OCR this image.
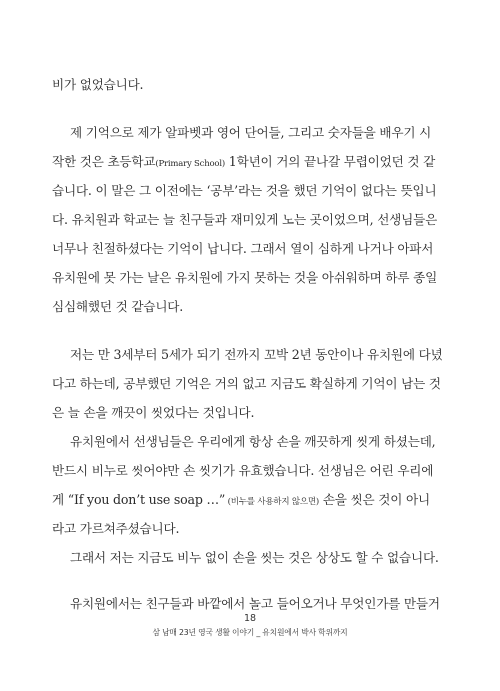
비가 없었습니다.
제 기억으로 제가 알파벳과 영어 단어들, 그리고 숫자들을 배우기 시
작한 것은 초등학교(Primary School) 1학년이 거의 끝나갈 무렵이었던 것 같
습니다. 이 말은 그 이전에는 ‘공부’라는 것을 했던 기억이 없다는 뜻입니
다. 유치원과 학교는 늘 친구들과 재미있게 노는 곳이었으며, 선생님들은
너무나 친절하셨다는 기억이 납니다. 그래서 열이 심하게 나거나 아파서
유치원에 못 가는 날은 유치원에 가지 못하는 것을 아쉬워하며 하루 종일
심심해했던 것 같습니다.
저는 만 3세부터 5세가 되기 전까지 꼬박 2년 동안이나 유치원에 다녔
다고 하는데, 공부했던 기억은 거의 없고 지금도 확실하게 기억이 남는 것
은 늘 손을 깨끗이 씻었다는 것입니다.
유치원에서 선생님들은 우리에게 항상 손을 깨끗하게 씻게 하셨는데,
반드시 비누로 씻어야만 손 씻기가 유효했습니다. 선생님은 어린 우리에
게 “If you don’t use soap …” (비누를 사용하지 않으면) 손을 씻은 것이 아니
라고 가르쳐주셨습니다.
그래서 저는 지금도 비누 없이 손을 씻는 것은 상상도 할 수 없습니다.
유치원에서는 친구들과 바깥에서 놀고 들어오거나 무엇인가를 만들거
18
삼 남매 23년 영국 생활 이야기 _ 유치원에서 박사 학위까지
